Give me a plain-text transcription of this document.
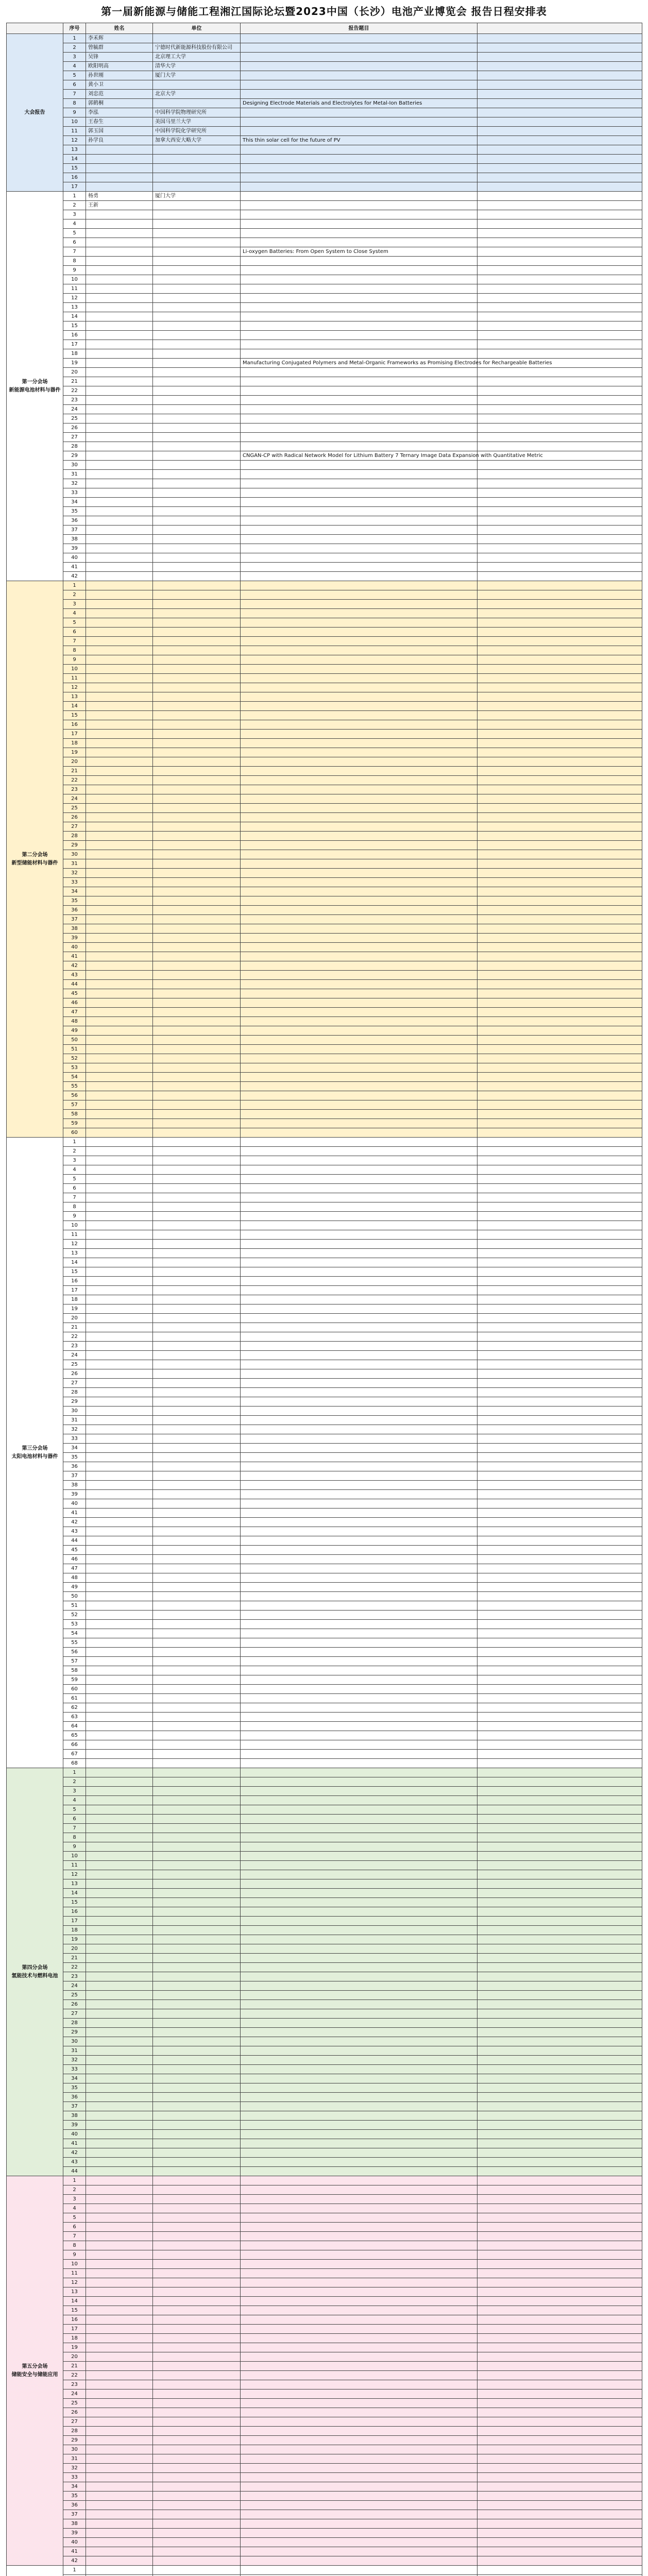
第一届新能源与储能工程湘江国际论坛暨2023中国（长沙）电池产业博览会 报告日程安排表
	序号	姓名	单位	报告题目	
大会报告	1	李禾辉			
	2	曾毓群	宁德时代新能源科技股份有限公司		
	3	吴锋	北京理工大学		
	4	欧阳明高	清华大学		
	5	孙世刚	厦门大学		
	6	黄小卫			
	7	刘忠范	北京大学		
	8	郭鹤桐		Designing Electrode Materials and Electrolytes for Metal-Ion Batteries	
	9	李泓	中国科学院物理研究所		
	10	王春生	美国马里兰大学		
	11	郭玉国	中国科学院化学研究所		
	12	孙学良	加拿大西安大略大学	This thin solar cell for the future of PV	
	13				
	14				
	15				
	16				
	17				
第一分会场
新能源电池材料与器件	1	杨勇	厦门大学		
	2	王新			
	3				
	4				
	5				
	6				
	7			Li-oxygen Batteries: From Open System to Close System	
	8				
	9				
	10				
	11				
	12				
	13				
	14				
	15				
	16				
	17				
	18				
	19			Manufacturing Conjugated Polymers and Metal-Organic Frameworks as Promising Electrodes for Rechargeable Batteries	
	20				
	21				
	22				
	23				
	24				
	25				
	26				
	27				
	28				
	29			CNGAN-CP with Radical Network Model for Lithium Battery 7 Ternary Image Data Expansion with Quantitative Metric	
	30				
	31				
	32				
	33				
	34				
	35				
	36				
	37				
	38				
	39				
	40				
	41				
	42				
第二分会场
新型储能材料与器件	1				
	2				
	3				
	4				
	5				
	6				
	7				
	8				
	9				
	10				
	11				
	12				
	13				
	14				
	15				
	16				
	17				
	18				
	19				
	20				
	21				
	22				
	23				
	24				
	25				
	26				
	27				
	28				
	29				
	30				
	31				
	32				
	33				
	34				
	35				
	36				
	37				
	38				
	39				
	40				
	41				
	42				
	43				
	44				
	45				
	46				
	47				
	48				
	49				
	50				
	51				
	52				
	53				
	54				
	55				
	56				
	57				
	58				
	59				
	60				
第三分会场
太阳电池材料与器件	1				
	2				
	3				
	4				
	5				
	6				
	7				
	8				
	9				
	10				
	11				
	12				
	13				
	14				
	15				
	16				
	17				
	18				
	19				
	20				
	21				
	22				
	23				
	24				
	25				
	26				
	27				
	28				
	29				
	30				
	31				
	32				
	33				
	34				
	35				
	36				
	37				
	38				
	39				
	40				
	41				
	42				
	43				
	44				
	45				
	46				
	47				
	48				
	49				
	50				
	51				
	52				
	53				
	54				
	55				
	56				
	57				
	58				
	59				
	60				
	61				
	62				
	63				
	64				
	65				
	66				
	67				
	68				
第四分会场
氢能技术与燃料电池	1				
	2				
	3				
	4				
	5				
	6				
	7				
	8				
	9				
	10				
	11				
	12				
	13				
	14				
	15				
	16				
	17				
	18				
	19				
	20				
	21				
	22				
	23				
	24				
	25				
	26				
	27				
	28				
	29				
	30				
	31				
	32				
	33				
	34				
	35				
	36				
	37				
	38				
	39				
	40				
	41				
	42				
	43				
	44				
第五分会场
储能安全与储能应用	1				
	2				
	3				
	4				
	5				
	6				
	7				
	8				
	9				
	10				
	11				
	12				
	13				
	14				
	15				
	16				
	17				
	18				
	19				
	20				
	21				
	22				
	23				
	24				
	25				
	26				
	27				
	28				
	29				
	30				
	31				
	32				
	33				
	34				
	35				
	36				
	37				
	38				
	39				
	40				
	41				
	42				
	1				
